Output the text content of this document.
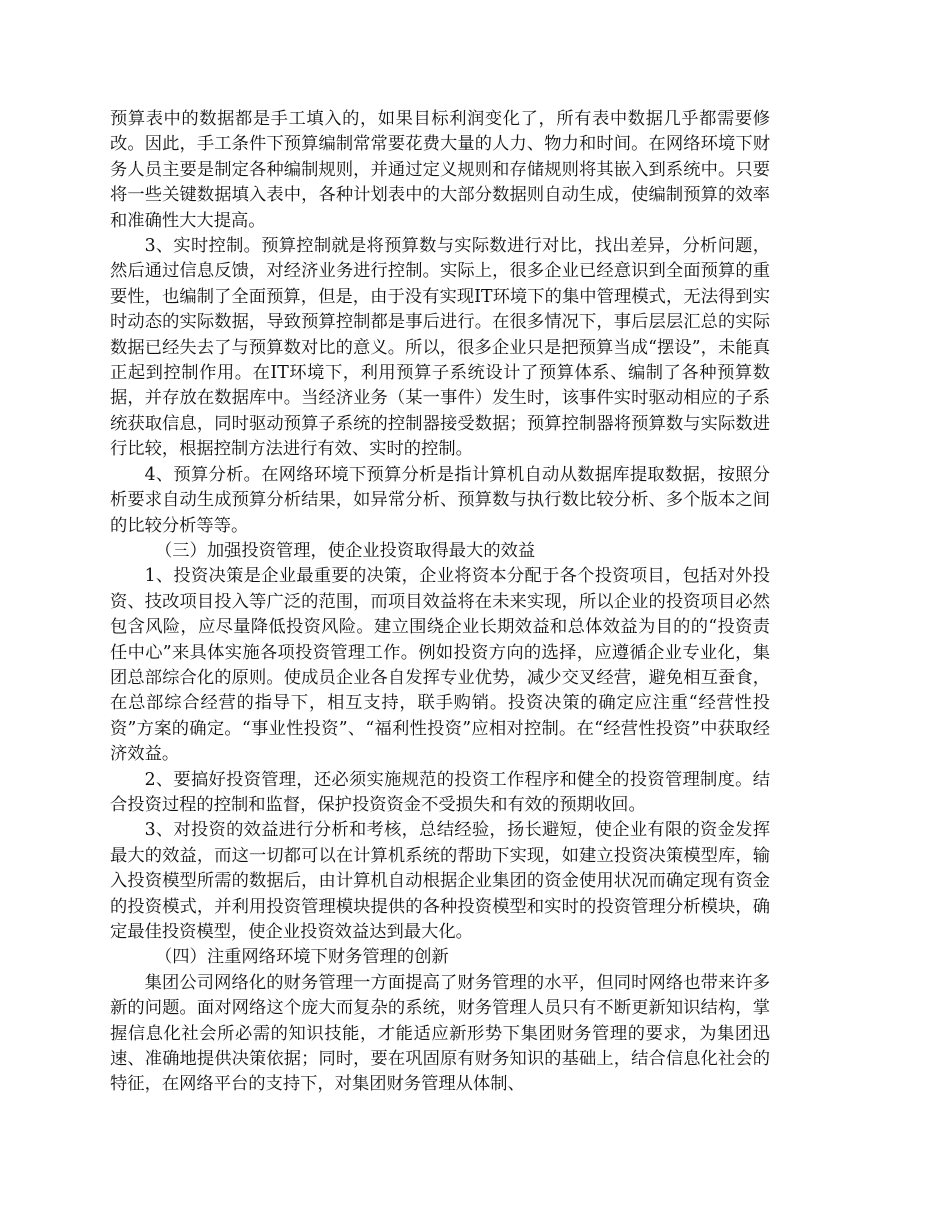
预算表中的数据都是手工填入的，如果目标利润变化了，所有表中数据几乎都需要修改。因此，手工条件下预算编制常常要花费大量的人力、物力和时间。在网络环境下财务人员主要是制定各种编制规则，并通过定义规则和存储规则将其嵌入到系统中。只要将一些关键数据填入表中，各种计划表中的大部分数据则自动生成，使编制预算的效率和准确性大大提高。

3、实时控制。预算控制就是将预算数与实际数进行对比，找出差异，分析问题，然后通过信息反馈，对经济业务进行控制。实际上，很多企业已经意识到全面预算的重要性，也编制了全面预算，但是，由于没有实现IT环境下的集中管理模式，无法得到实时动态的实际数据，导致预算控制都是事后进行。在很多情况下，事后层层汇总的实际数据已经失去了与预算数对比的意义。所以，很多企业只是把预算当成“摆设”，未能真正起到控制作用。在IT环境下，利用预算子系统设计了预算体系、编制了各种预算数据，并存放在数据库中。当经济业务（某一事件）发生时，该事件实时驱动相应的子系统获取信息，同时驱动预算子系统的控制器接受数据；预算控制器将预算数与实际数进行比较，根据控制方法进行有效、实时的控制。

4、预算分析。在网络环境下预算分析是指计算机自动从数据库提取数据，按照分析要求自动生成预算分析结果，如异常分析、预算数与执行数比较分析、多个版本之间的比较分析等等。

（三）加强投资管理，使企业投资取得最大的效益

1、投资决策是企业最重要的决策，企业将资本分配于各个投资项目，包括对外投资、技改项目投入等广泛的范围，而项目效益将在未来实现，所以企业的投资项目必然包含风险，应尽量降低投资风险。建立围绕企业长期效益和总体效益为目的的“投资责任中心”来具体实施各项投资管理工作。例如投资方向的选择，应遵循企业专业化，集团总部综合化的原则。使成员企业各自发挥专业优势，减少交叉经营，避免相互蚕食，在总部综合经营的指导下，相互支持，联手购销。投资决策的确定应注重“经营性投资”方案的确定。“事业性投资”、“福利性投资”应相对控制。在“经营性投资”中获取经济效益。

2、要搞好投资管理，还必须实施规范的投资工作程序和健全的投资管理制度。结合投资过程的控制和监督，保护投资资金不受损失和有效的预期收回。

3、对投资的效益进行分析和考核，总结经验，扬长避短，使企业有限的资金发挥最大的效益，而这一切都可以在计算机系统的帮助下实现，如建立投资决策模型库，输入投资模型所需的数据后，由计算机自动根据企业集团的资金使用状况而确定现有资金的投资模式，并利用投资管理模块提供的各种投资模型和实时的投资管理分析模块，确定最佳投资模型，使企业投资效益达到最大化。

（四）注重网络环境下财务管理的创新

集团公司网络化的财务管理一方面提高了财务管理的水平，但同时网络也带来许多新的问题。面对网络这个庞大而复杂的系统，财务管理人员只有不断更新知识结构，掌握信息化社会所必需的知识技能，才能适应新形势下集团财务管理的要求，为集团迅速、准确地提供决策依据；同时，要在巩固原有财务知识的基础上，结合信息化社会的特征，在网络平台的支持下，对集团财务管理从体制、
